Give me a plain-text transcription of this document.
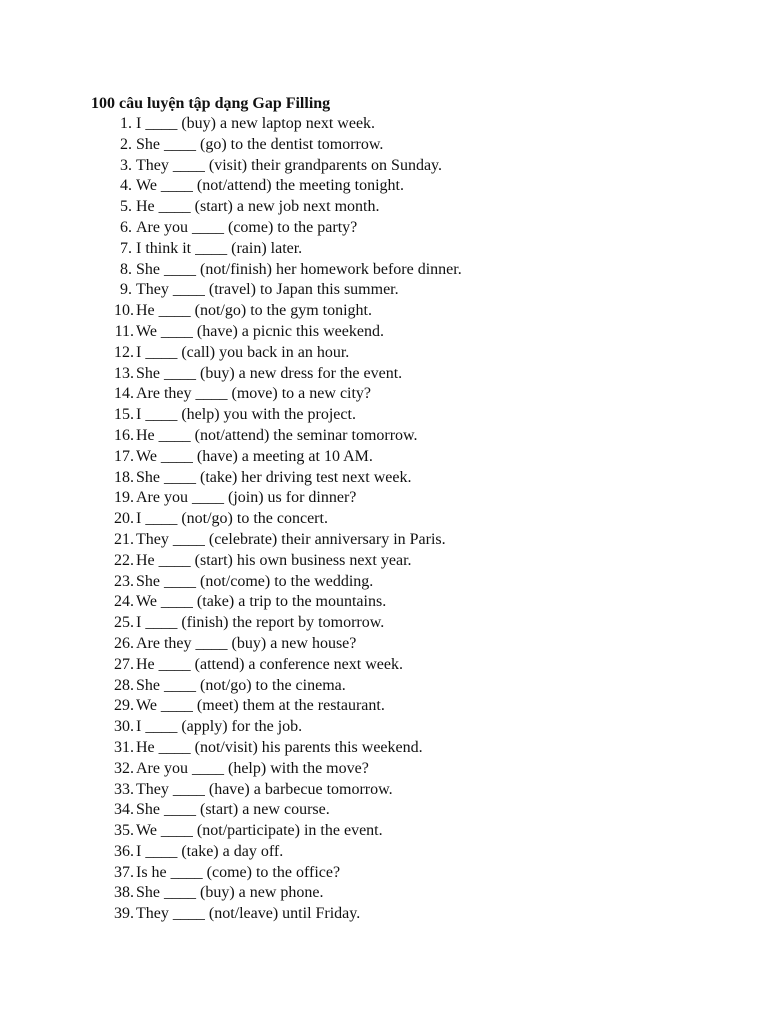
100 câu luyện tập dạng Gap Filling
1. I ____ (buy) a new laptop next week.
2. She ____ (go) to the dentist tomorrow.
3. They ____ (visit) their grandparents on Sunday.
4. We ____ (not/attend) the meeting tonight.
5. He ____ (start) a new job next month.
6. Are you ____ (come) to the party?
7. I think it ____ (rain) later.
8. She ____ (not/finish) her homework before dinner.
9. They ____ (travel) to Japan this summer.
10. He ____ (not/go) to the gym tonight.
11. We ____ (have) a picnic this weekend.
12. I ____ (call) you back in an hour.
13. She ____ (buy) a new dress for the event.
14. Are they ____ (move) to a new city?
15. I ____ (help) you with the project.
16. He ____ (not/attend) the seminar tomorrow.
17. We ____ (have) a meeting at 10 AM.
18. She ____ (take) her driving test next week.
19. Are you ____ (join) us for dinner?
20. I ____ (not/go) to the concert.
21. They ____ (celebrate) their anniversary in Paris.
22. He ____ (start) his own business next year.
23. She ____ (not/come) to the wedding.
24. We ____ (take) a trip to the mountains.
25. I ____ (finish) the report by tomorrow.
26. Are they ____ (buy) a new house?
27. He ____ (attend) a conference next week.
28. She ____ (not/go) to the cinema.
29. We ____ (meet) them at the restaurant.
30. I ____ (apply) for the job.
31. He ____ (not/visit) his parents this weekend.
32. Are you ____ (help) with the move?
33. They ____ (have) a barbecue tomorrow.
34. She ____ (start) a new course.
35. We ____ (not/participate) in the event.
36. I ____ (take) a day off.
37. Is he ____ (come) to the office?
38. She ____ (buy) a new phone.
39. They ____ (not/leave) until Friday.
